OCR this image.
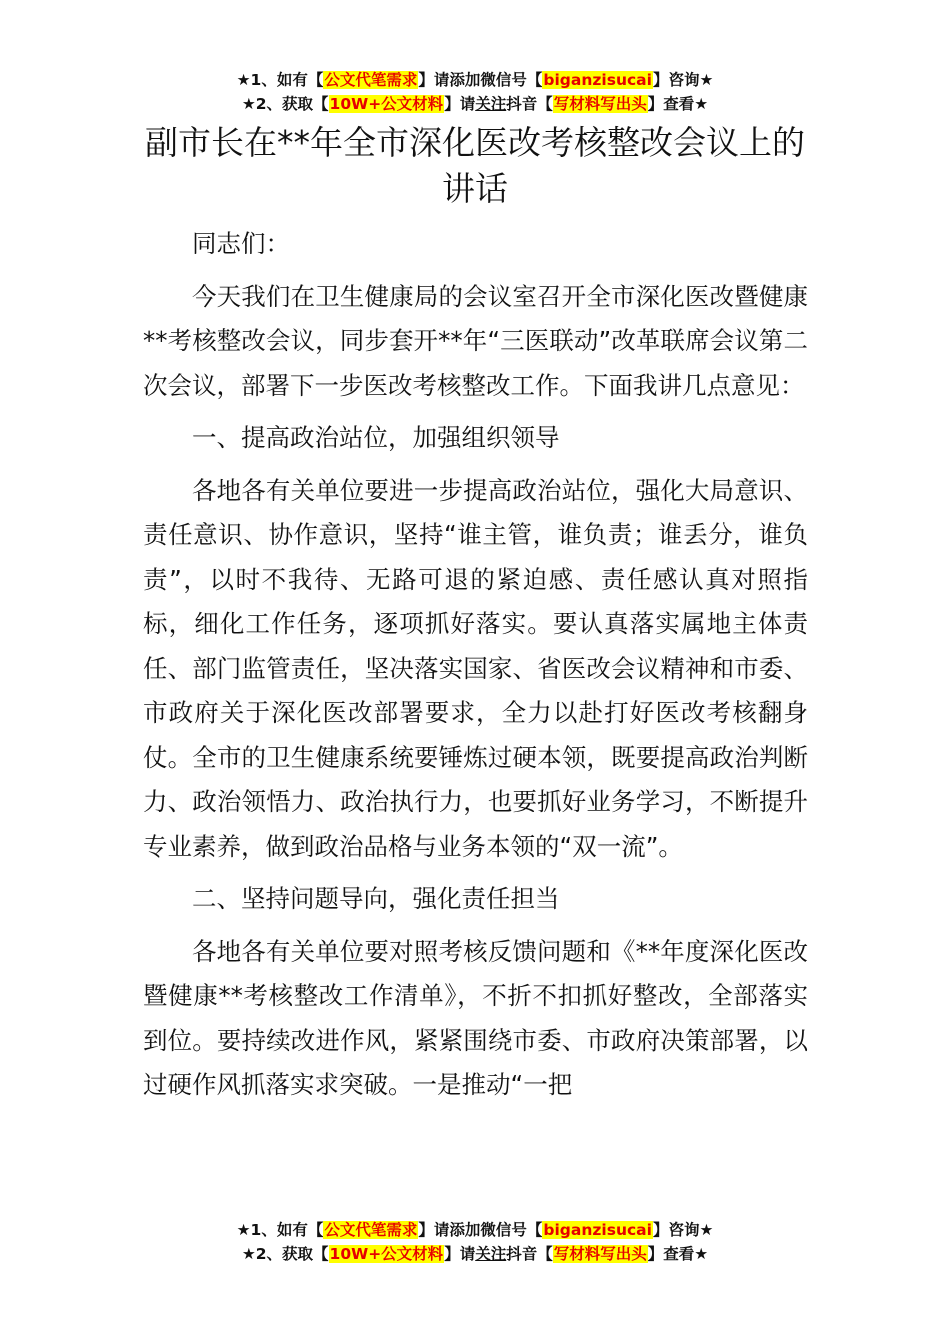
★1、如有【公文代笔需求】请添加微信号【biganzisucai】咨询★
★2、获取【10W+公文材料】请关注抖音【写材料写出头】查看★
副市长在**年全市深化医改考核整改会议上的讲话

同志们：

今天我们在卫生健康局的会议室召开全市深化医改暨健康**考核整改会议，同步套开**年“三医联动”改革联席会议第二次会议，部署下一步医改考核整改工作。下面我讲几点意见：

一、提高政治站位，加强组织领导

各地各有关单位要进一步提高政治站位，强化大局意识、责任意识、协作意识，坚持“谁主管，谁负责；谁丢分，谁负责”，以时不我待、无路可退的紧迫感、责任感认真对照指标，细化工作任务，逐项抓好落实。要认真落实属地主体责任、部门监管责任，坚决落实国家、省医改会议精神和市委、市政府关于深化医改部署要求，全力以赴打好医改考核翻身仗。全市的卫生健康系统要锤炼过硬本领，既要提高政治判断力、政治领悟力、政治执行力，也要抓好业务学习，不断提升专业素养，做到政治品格与业务本领的“双一流”。

二、坚持问题导向，强化责任担当

各地各有关单位要对照考核反馈问题和《**年度深化医改暨健康**考核整改工作清单》，不折不扣抓好整改，全部落实到位。要持续改进作风，紧紧围绕市委、市政府决策部署，以过硬作风抓落实求突破。一是推动“一把

★1、如有【公文代笔需求】请添加微信号【biganzisucai】咨询★
★2、获取【10W+公文材料】请关注抖音【写材料写出头】查看★
